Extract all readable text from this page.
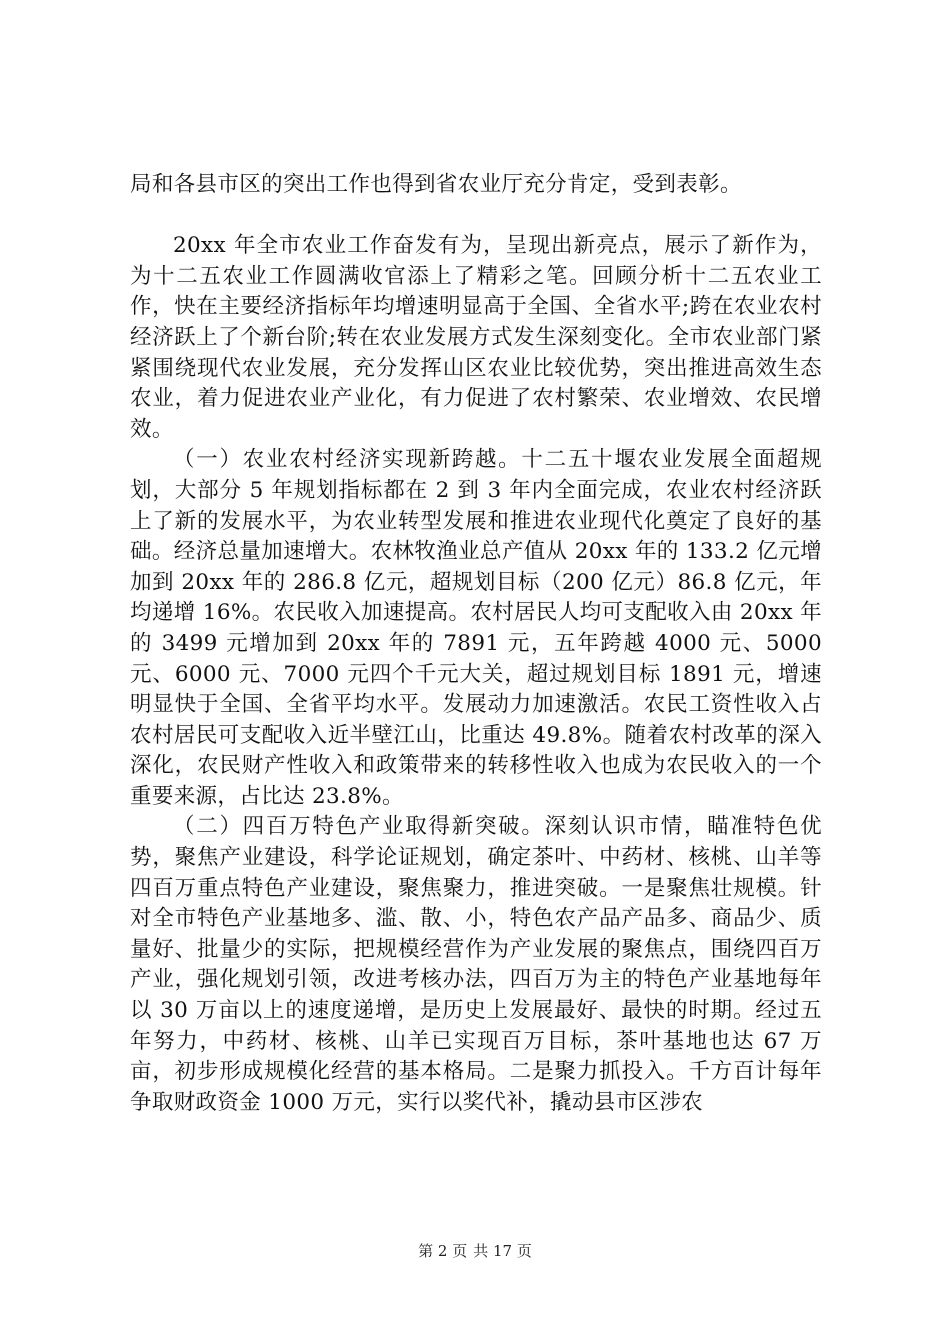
局和各县市区的突出工作也得到省农业厅充分肯定，受到表彰。

20xx 年全市农业工作奋发有为，呈现出新亮点，展示了新作为，为十二五农业工作圆满收官添上了精彩之笔。回顾分析十二五农业工作，快在主要经济指标年均增速明显高于全国、全省水平;跨在农业农村经济跃上了个新台阶;转在农业发展方式发生深刻变化。全市农业部门紧紧围绕现代农业发展，充分发挥山区农业比较优势，突出推进高效生态农业，着力促进农业产业化，有力促进了农村繁荣、农业增效、农民增效。

（一）农业农村经济实现新跨越。十二五十堰农业发展全面超规划，大部分 5 年规划指标都在 2 到 3 年内全面完成，农业农村经济跃上了新的发展水平，为农业转型发展和推进农业现代化奠定了良好的基础。经济总量加速增大。农林牧渔业总产值从 20xx 年的 133.2 亿元增加到 20xx 年的 286.8 亿元，超规划目标（200 亿元）86.8 亿元，年均递增 16%。农民收入加速提高。农村居民人均可支配收入由 20xx 年的 3499 元增加到 20xx 年的 7891 元，五年跨越 4000 元、5000 元、6000 元、7000 元四个千元大关，超过规划目标 1891 元，增速明显快于全国、全省平均水平。发展动力加速激活。农民工资性收入占农村居民可支配收入近半壁江山，比重达 49.8%。随着农村改革的深入深化，农民财产性收入和政策带来的转移性收入也成为农民收入的一个重要来源，占比达 23.8%。

（二）四百万特色产业取得新突破。深刻认识市情，瞄准特色优势，聚焦产业建设，科学论证规划，确定茶叶、中药材、核桃、山羊等四百万重点特色产业建设，聚焦聚力，推进突破。一是聚焦壮规模。针对全市特色产业基地多、滥、散、小，特色农产品产品多、商品少、质量好、批量少的实际，把规模经营作为产业发展的聚焦点，围绕四百万产业，强化规划引领，改进考核办法，四百万为主的特色产业基地每年以 30 万亩以上的速度递增，是历史上发展最好、最快的时期。经过五年努力，中药材、核桃、山羊已实现百万目标，茶叶基地也达 67 万亩，初步形成规模化经营的基本格局。二是聚力抓投入。千方百计每年争取财政资金 1000 万元，实行以奖代补，撬动县市区涉农

第 2 页 共 17 页
